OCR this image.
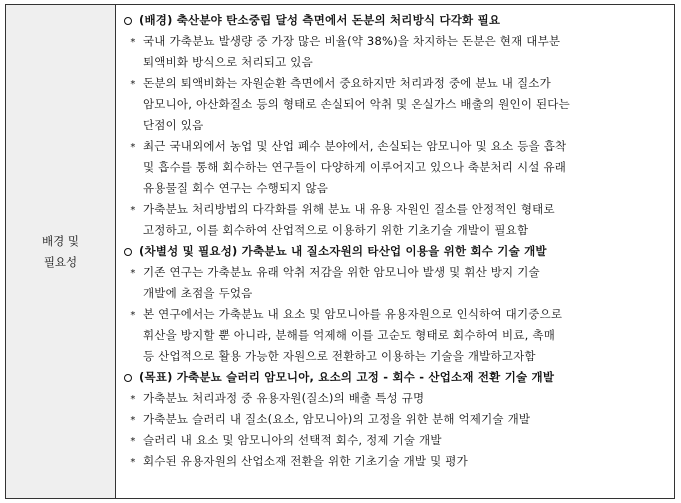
배경 및
필요성
(배경) 축산분야 탄소중립 달성 측면에서 돈분의 처리방식 다각화 필요
* 국내 가축분뇨 발생량 중 가장 많은 비율(약 38%)을 차지하는 돈분은 현재 대부분
퇴액비화 방식으로 처리되고 있음
* 돈분의 퇴액비화는 자원순환 측면에서 중요하지만 처리과정 중에 분뇨 내 질소가
암모니아, 아산화질소 등의 형태로 손실되어 악취 및 온실가스 배출의 원인이 된다는
단점이 있음
* 최근 국내외에서 농업 및 산업 폐수 분야에서, 손실되는 암모니아 및 요소 등을 흡착
및 흡수를 통해 회수하는 연구들이 다양하게 이루어지고 있으나 축분처리 시설 유래
유용물질 회수 연구는 수행되지 않음
* 가축분뇨 처리방법의 다각화를 위해 분뇨 내 유용 자원인 질소를 안정적인 형태로
고정하고, 이를 회수하여 산업적으로 이용하기 위한 기초기술 개발이 필요함
(차별성 및 필요성) 가축분뇨 내 질소자원의 타산업 이용을 위한 회수 기술 개발
* 기존 연구는 가축분뇨 유래 악취 저감을 위한 암모니아 발생 및 휘산 방지 기술
개발에 초점을 두었음
* 본 연구에서는 가축분뇨 내 요소 및 암모니아를 유용자원으로 인식하여 대기중으로
휘산을 방지할 뿐 아니라, 분해를 억제해 이를 고순도 형태로 회수하여 비료, 촉매
등 산업적으로 활용 가능한 자원으로 전환하고 이용하는 기술을 개발하고자함
(목표) 가축분뇨 슬러리 암모니아, 요소의 고정 - 회수 - 산업소재 전환 기술 개발
* 가축분뇨 처리과정 중 유용자원(질소)의 배출 특성 규명
* 가축분뇨 슬러리 내 질소(요소, 암모니아)의 고정을 위한 분해 억제기술 개발
* 슬러리 내 요소 및 암모니아의 선택적 회수, 정제 기술 개발
* 회수된 유용자원의 산업소재 전환을 위한 기초기술 개발 및 평가
